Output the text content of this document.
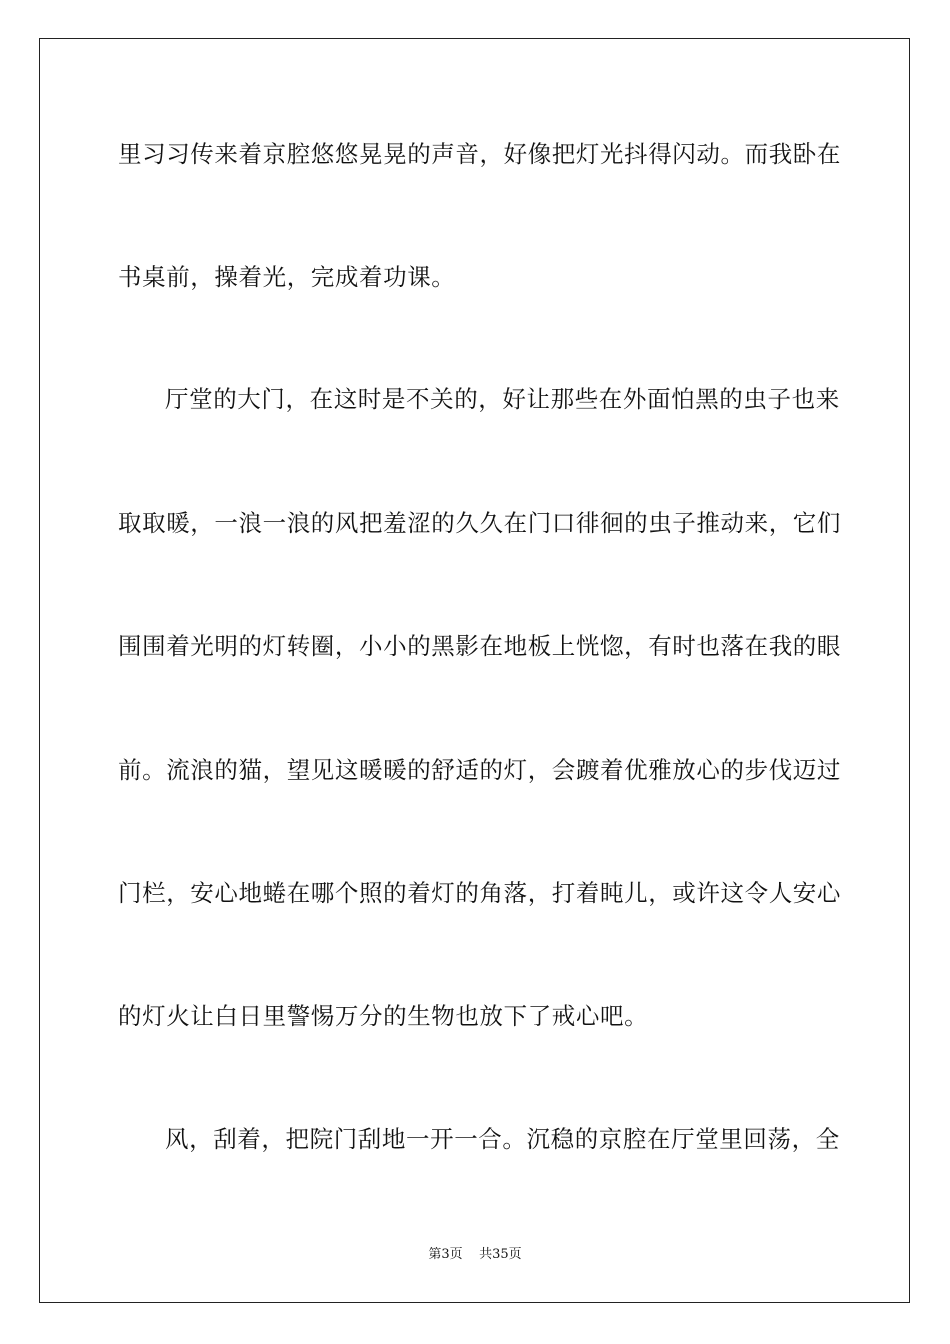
里习习传来着京腔悠悠晃晃的声音，好像把灯光抖得闪动。而我卧在
书桌前，操着光，完成着功课。
厅堂的大门，在这时是不关的，好让那些在外面怕黑的虫子也来
取取暖，一浪一浪的风把羞涩的久久在门口徘徊的虫子推动来，它们
围围着光明的灯转圈，小小的黑影在地板上恍惚，有时也落在我的眼
前。流浪的猫，望见这暖暖的舒适的灯，会踱着优雅放心的步伐迈过
门栏，安心地蜷在哪个照的着灯的角落，打着盹儿，或许这令人安心
的灯火让白日里警惕万分的生物也放下了戒心吧。
风，刮着，把院门刮地一开一合。沉稳的京腔在厅堂里回荡，全
第3页 共35页
